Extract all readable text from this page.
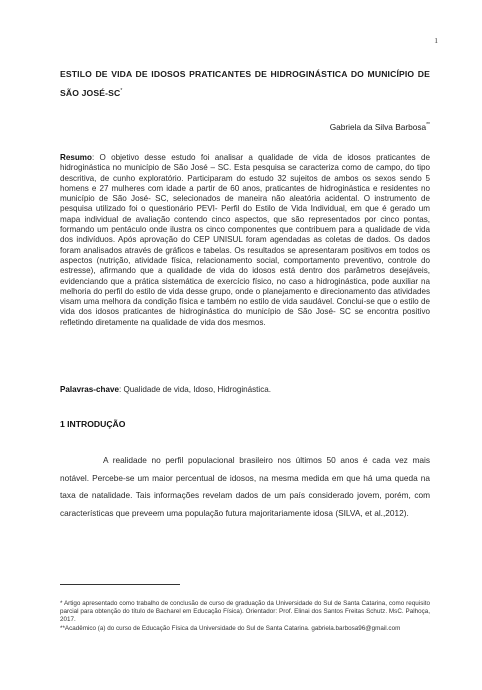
1
ESTILO DE VIDA DE IDOSOS PRATICANTES DE HIDROGINÁSTICA DO MUNICÍPIO DE SÃO JOSÉ-SC*
Gabriela da Silva Barbosa**
Resumo: O objetivo desse estudo foi analisar a qualidade de vida de idosos praticantes de hidroginástica no município de São José – SC. Esta pesquisa se caracteriza como de campo, do tipo descritiva, de cunho exploratório. Participaram do estudo 32 sujeitos de ambos os sexos sendo 5 homens e 27 mulheres com idade a partir de 60 anos, praticantes de hidroginástica e residentes no município de São José- SC, selecionados de maneira não aleatória acidental. O instrumento de pesquisa utilizado foi o questionário PEVI- Perfil do Estilo de Vida Individual, em que é gerado um mapa individual de avaliação contendo cinco aspectos, que são representados por cinco pontas, formando um pentáculo onde ilustra os cinco componentes que contribuem para a qualidade de vida dos indivíduos. Após aprovação do CEP UNISUL foram agendadas as coletas de dados. Os dados foram analisados através de gráficos e tabelas. Os resultados se apresentaram positivos em todos os aspectos (nutrição, atividade física, relacionamento social, comportamento preventivo, controle do estresse), afirmando que a qualidade de vida do idosos está dentro dos parâmetros desejáveis, evidenciando que a prática sistemática de exercício físico, no caso a hidroginástica, pode auxiliar na melhoria do perfil do estilo de vida desse grupo, onde o planejamento e direcionamento das atividades visam uma melhora da condição física e também no estilo de vida saudável. Conclui-se que o estilo de vida dos idosos praticantes de hidroginástica do município de São José- SC se encontra positivo refletindo diretamente na qualidade de vida dos mesmos.
Palavras-chave: Qualidade de vida, Idoso, Hidroginástica.
1 INTRODUÇÃO
A realidade no perfil populacional brasileiro nos últimos 50 anos é cada vez mais notável. Percebe-se um maior percentual de idosos, na mesma medida em que há uma queda na taxa de natalidade. Tais informações revelam dados de um país considerado jovem, porém, com características que preveem uma população futura majoritariamente idosa (SILVA, et al.,2012).

* Artigo apresentado como trabalho de conclusão de curso de graduação da Universidade do Sul de Santa Catarina, como requisito parcial para obtenção do título de Bacharel em Educação Física). Orientador: Prof. Elinai dos Santos Freitas Schutz. MsC. Palhoça, 2017.

**Acadêmico (a) do curso de Educação Física da Universidade do Sul de Santa Catarina. gabriela.barbosa96@gmail.com
